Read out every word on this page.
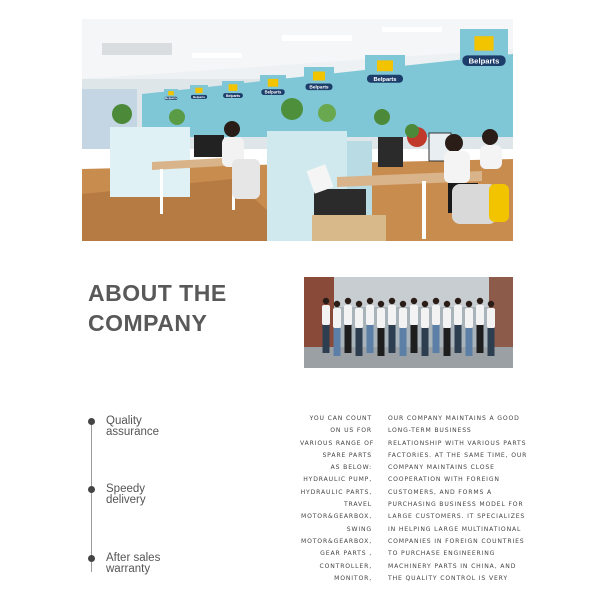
Belparts
Belparts
Belparts
Belparts
Belparts
Belparts
Belparts
ABOUT THE
COMPANY
Quality
assurance
Speedy
delivery
After sales
warranty
YOU CAN COUNT
ON US FOR
VARIOUS RANGE OF
SPARE PARTS
AS BELOW:
HYDRAULIC PUMP,
HYDRAULIC PARTS,
TRAVEL
MOTOR&GEARBOX,
SWING
MOTOR&GEARBOX,
GEAR PARTS ,
CONTROLLER,
MONITOR,
OUR COMPANY MAINTAINS A GOOD
LONG-TERM BUSINESS
RELATIONSHIP WITH VARIOUS PARTS
FACTORIES. AT THE SAME TIME, OUR
COMPANY MAINTAINS CLOSE
COOPERATION WITH FOREIGN
CUSTOMERS, AND FORMS A
PURCHASING BUSINESS MODEL FOR
LARGE CUSTOMERS. IT SPECIALIZES
IN HELPING LARGE MULTINATIONAL
COMPANIES IN FOREIGN COUNTRIES
TO PURCHASE ENGINEERING
MACHINERY PARTS IN CHINA, AND
THE QUALITY CONTROL IS VERY
